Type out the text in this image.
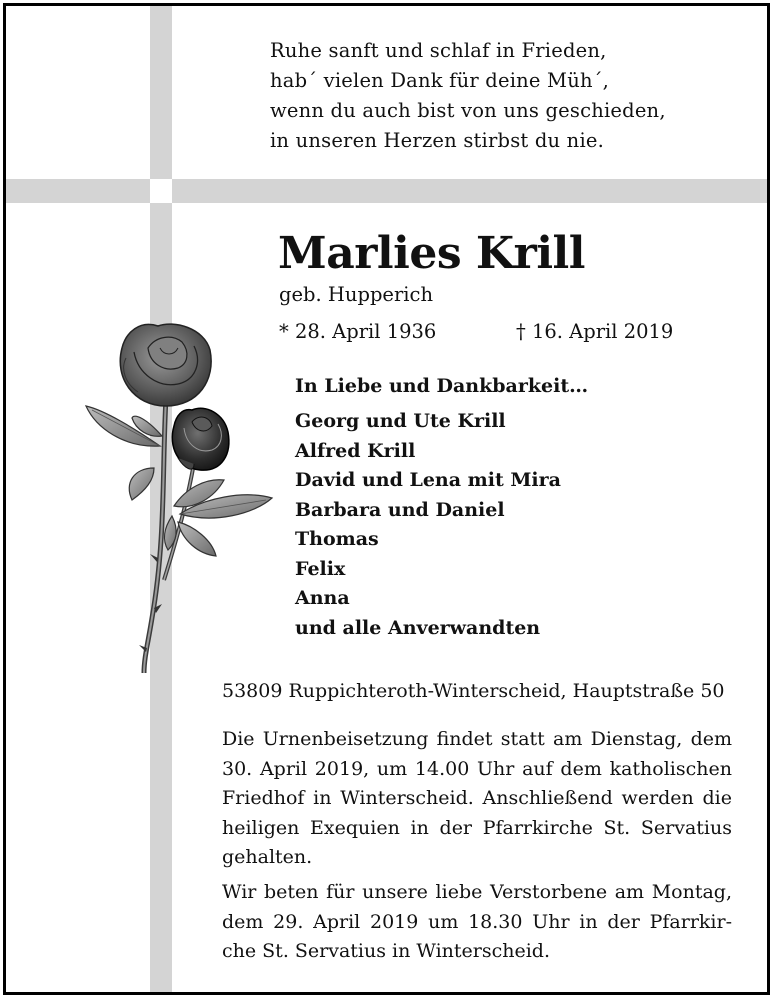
Ruhe sanft und schlaf in Frieden,
hab´ vielen Dank für deine Müh´,
wenn du auch bist von uns geschieden,
in unseren Herzen stirbst du nie.
Marlies Krill
geb. Hupperich
* 28. April 1936	† 16. April 2019
In Liebe und Dankbarkeit…
Georg und Ute Krill
Alfred Krill
David und Lena mit Mira
Barbara und Daniel
Thomas
Felix
Anna
und alle Anverwandten
53809 Ruppichteroth-Winterscheid, Hauptstraße 50
Die Urnenbeisetzung findet statt am Dienstag, dem
30. April 2019, um 14.00 Uhr auf dem katholischen
Friedhof in Winterscheid. Anschließend werden die
heiligen Exequien in der Pfarrkirche St. Servatius
gehalten.
Wir beten für unsere liebe Verstorbene am Montag,
dem 29. April 2019 um 18.30 Uhr in der Pfarrkir-
che St. Servatius in Winterscheid.
